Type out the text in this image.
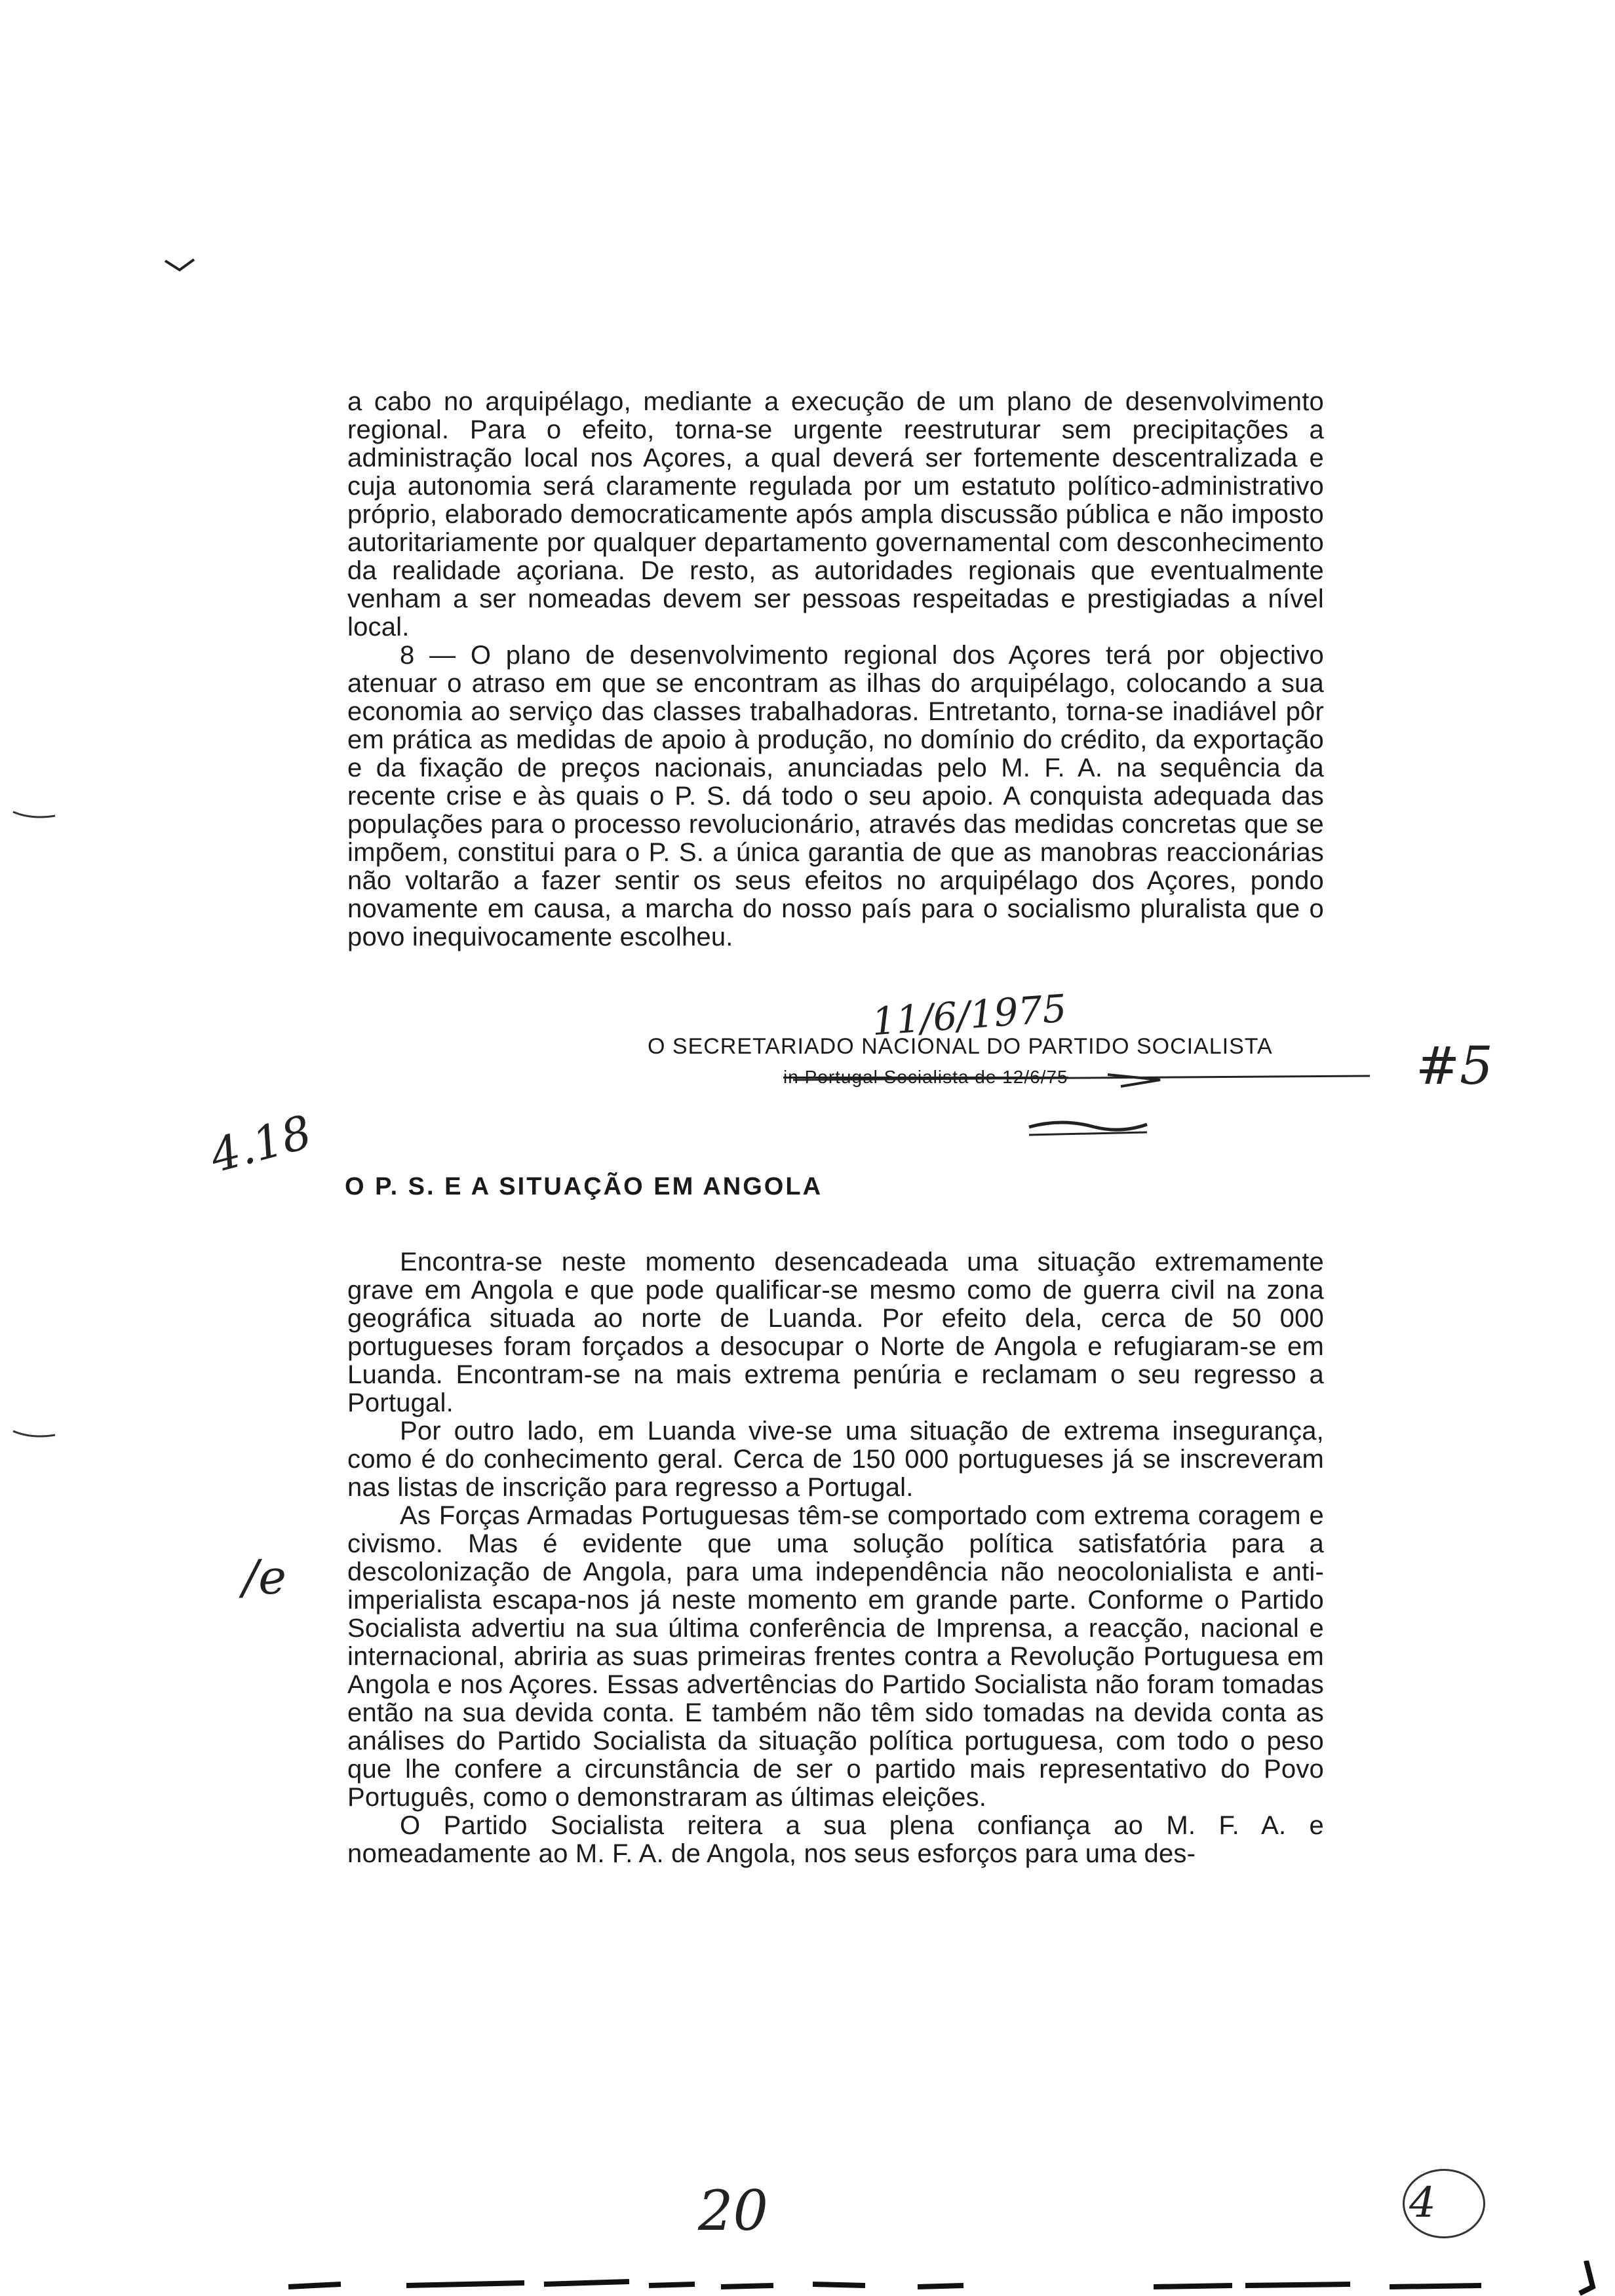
a cabo no arquipélago, mediante a execução de um plano de desenvolvimento regional. Para o efeito, torna-se urgente reestruturar sem precipitações a administração local nos Açores, a qual deverá ser fortemente descentralizada e cuja autonomia será claramente regulada por um estatuto político-administrativo próprio, elaborado democraticamente após ampla discussão pública e não imposto autoritariamente por qualquer departamento governamental com desconhecimento da realidade açoriana. De resto, as autoridades regionais que eventualmente venham a ser nomeadas devem ser pessoas respeitadas e prestigiadas a nível local.

8 — O plano de desenvolvimento regional dos Açores terá por objectivo atenuar o atraso em que se encontram as ilhas do arquipélago, colocando a sua economia ao serviço das classes trabalhadoras. Entretanto, torna-se inadiável pôr em prática as medidas de apoio à produção, no domínio do crédito, da exportação e da fixação de preços nacionais, anunciadas pelo M. F. A. na sequência da recente crise e às quais o P. S. dá todo o seu apoio. A conquista adequada das populações para o processo revolucionário, através das medidas concretas que se impõem, constitui para o P. S. a única garantia de que as manobras reaccionárias não voltarão a fazer sentir os seus efeitos no arquipélago dos Açores, pondo novamente em causa, a marcha do nosso país para o socialismo pluralista que o povo inequivocamente escolheu.

11/6/1975
O SECRETARIADO NACIONAL DO PARTIDO SOCIALISTA
in Portugal Socialista de 12/6/75	#5
4.18
O P. S. E A SITUAÇÃO EM ANGOLA

Encontra-se neste momento desencadeada uma situação extremamente grave em Angola e que pode qualificar-se mesmo como de guerra civil na zona geográfica situada ao norte de Luanda. Por efeito dela, cerca de 50 000 portugueses foram forçados a desocupar o Norte de Angola e refugiaram-se em Luanda. Encontram-se na mais extrema penúria e reclamam o seu regresso a Portugal.

Por outro lado, em Luanda vive-se uma situação de extrema insegurança, como é do conhecimento geral. Cerca de 150 000 portugueses já se inscreveram nas listas de inscrição para regresso a Portugal.

As Forças Armadas Portuguesas têm-se comportado com extrema coragem e civismo. Mas é evidente que uma solução política satisfatória para a descolonização de Angola, para uma independência não neocolonialista e anti-imperialista escapa-nos já neste momento em grande parte. Conforme o Partido Socialista advertiu na sua última conferência de Imprensa, a reacção, nacional e internacional, abriria as suas primeiras frentes contra a Revolução Portuguesa em Angola e nos Açores. Essas advertências do Partido Socialista não foram tomadas então na sua devida conta. E também não têm sido tomadas na devida conta as análises do Partido Socialista da situação política portuguesa, com todo o peso que lhe confere a circunstância de ser o partido mais representativo do Povo Português, como o demonstraram as últimas eleições.

O Partido Socialista reitera a sua plena confiança ao M. F. A. e nomeadamente ao M. F. A. de Angola, nos seus esforços para uma des-

/e
20	4
